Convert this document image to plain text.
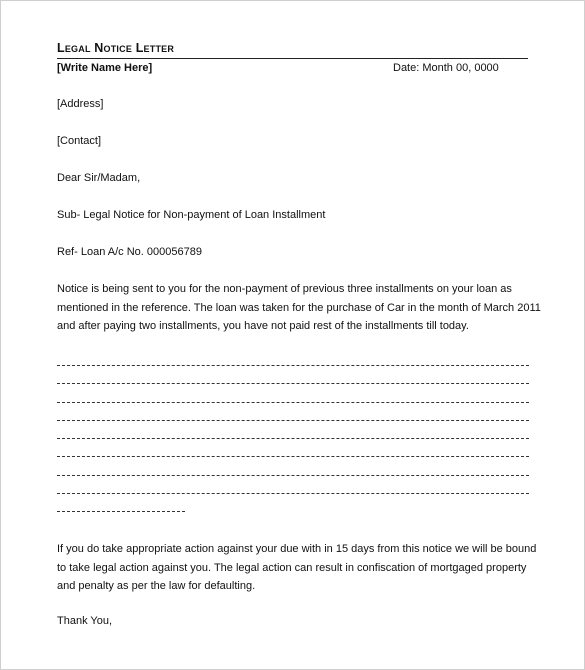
Legal Notice Letter
[Write Name Here]	Date: Month 00, 0000
[Address]
[Contact]
Dear Sir/Madam,
Sub- Legal Notice for Non-payment of Loan Installment
Ref- Loan A/c No. 000056789
Notice is being sent to you for the non-payment of previous three installments on your loan as
mentioned in the reference. The loan was taken for the purchase of Car in the month of March 2011
and after paying two installments, you have not paid rest of the installments till today.
If you do take appropriate action against your due with in 15 days from this notice we will be bound
to take legal action against you. The legal action can result in confiscation of mortgaged property
and penalty as per the law for defaulting.
Thank You,
